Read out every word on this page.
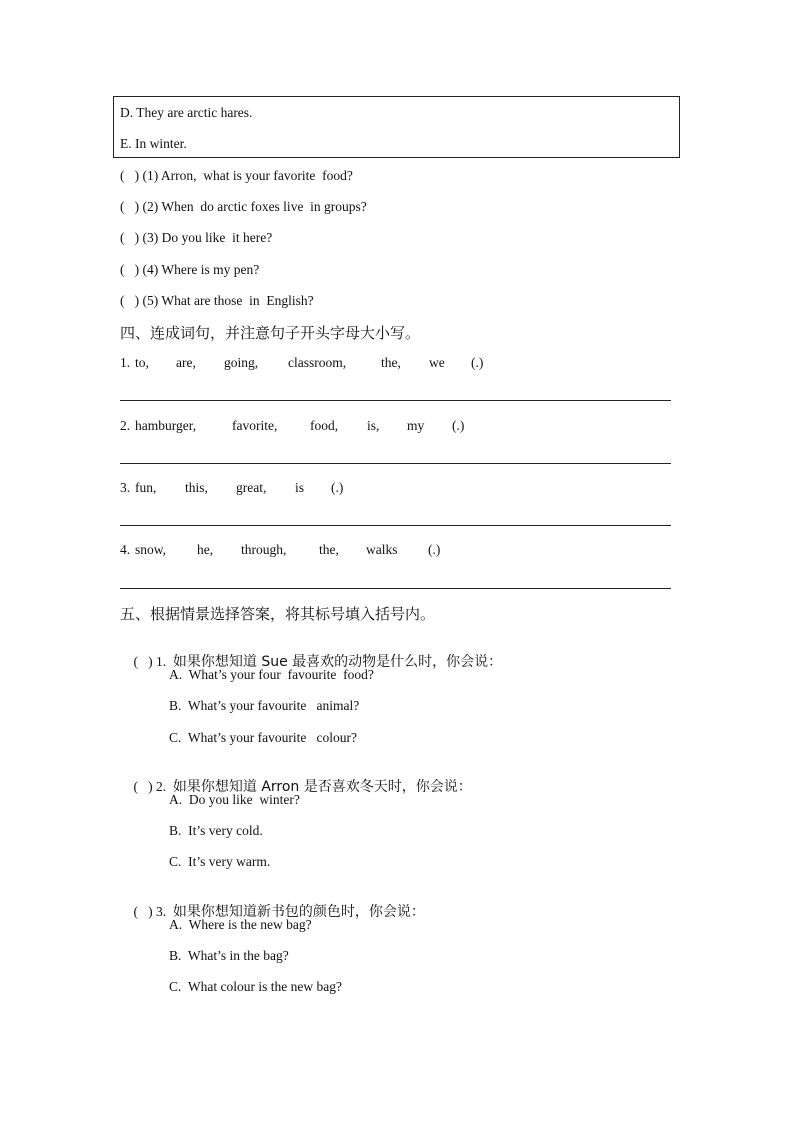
D. They are arctic hares.
E. In winter.
(   ) (1) Arron,  what is your favorite  food?
(   ) (2) When  do arctic foxes live  in groups?
(   ) (3) Do you like  it here?
(   ) (4) Where is my pen?
(   ) (5) What are those  in  English?
四、连成词句，并注意句子开头字母大小写。
1. to, are, going, classroom,	the, we (.)
2. hamburger,	favorite, food, is, my (.)
3. fun, this, great, is (.)
4. snow, he, through, the, walks (.)
五、根据情景选择答案，将其标号填入括号内。

(   ) 1.  如果你想知道 Sue 最喜欢的动物是什么时，你会说：

A.  What’s your four  favourite  food?
B.  What’s your favourite   animal?
C.  What’s your favourite   colour?

(   ) 2.  如果你想知道 Arron 是否喜欢冬天时，你会说：

A.  Do you like  winter?
B.  It’s very cold.
C.  It’s very warm.

(   ) 3.  如果你想知道新书包的颜色时，你会说：

A.  Where is the new bag?
B.  What’s in the bag?
C.  What colour is the new bag?
